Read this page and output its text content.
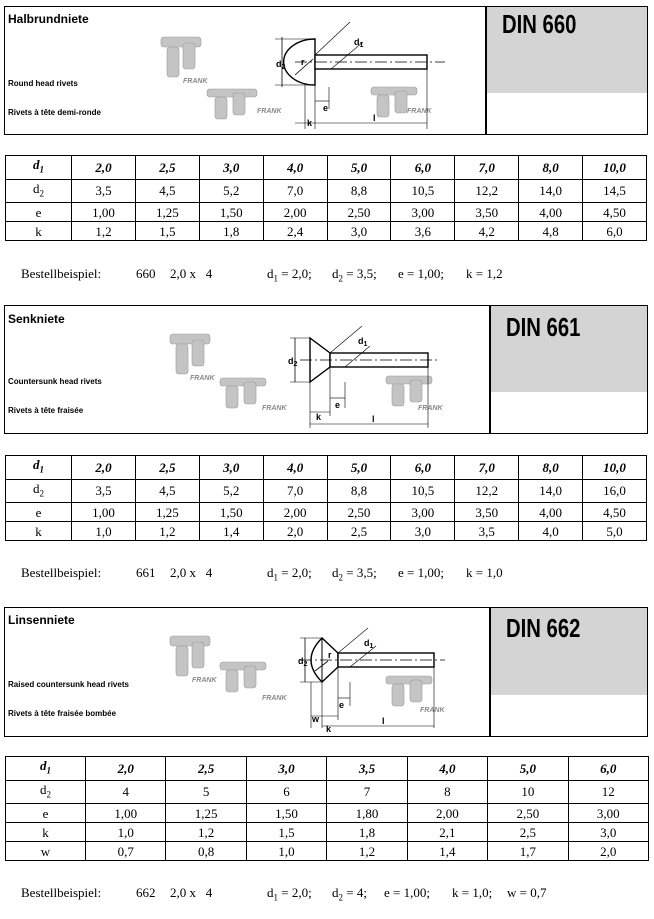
DIN 660
Halbrundniete
Round head rivets
Rivets à tête demi-ronde
FRANK
FRANK	FRANK
$d_2$
$d_1$
r
e
k	l
$d_1$	2,0	2,5	3,0	4,0	5,0	6,0	7,0	8,0	10,0
$d_2$	3,5	4,5	5,2	7,0	8,8	10,5	12,2	14,0	14,5
e	1,00	1,25	1,50	2,00	2,50	3,00	3,50	4,00	4,50
k	1,2	1,5	1,8	2,4	3,0	3,6	4,2	4,8	6,0

Bestellbeispiel:	660 2,0 x   4	$d_1 = 2,0$; $d_2 = 3,5$; e = 1,00; k = 1,2

DIN 661
Senkniete
Countersunk head rivets
Rivets à tête fraisée
FRANK
FRANK	FRANK
$d_2$
$d_1$
e
k	l
$d_1$	2,0	2,5	3,0	4,0	5,0	6,0	7,0	8,0	10,0
$d_2$	3,5	4,5	5,2	7,0	8,8	10,5	12,2	14,0	16,0
e	1,00	1,25	1,50	2,00	2,50	3,00	3,50	4,00	4,50
k	1,0	1,2	1,4	2,0	2,5	3,0	3,5	4,0	5,0

Bestellbeispiel:	661 2,0 x   4	$d_1 = 2,0$; $d_2 = 3,5$; e = 1,00; k = 1,0

DIN 662
Linsenniete
Raised countersunk head rivets
Rivets à tête fraisée bombée
FRANK
FRANK
FRANK
$d_2$
$d_1$
r
e
w
k
l
$d_1$	2,0	2,5	3,0	3,5	4,0	5,0	6,0
$d_2$	4	5	6	7	8	10	12
e	1,00	1,25	1,50	1,80	2,00	2,50	3,00
k	1,0	1,2	1,5	1,8	2,1	2,5	3,0
w	0,7	0,8	1,0	1,2	1,4	1,7	2,0

Bestellbeispiel:	662 2,0 x   4	$d_1 = 2,0$; $d_2 = 4$; e = 1,00; k = 1,0; w = 0,7
